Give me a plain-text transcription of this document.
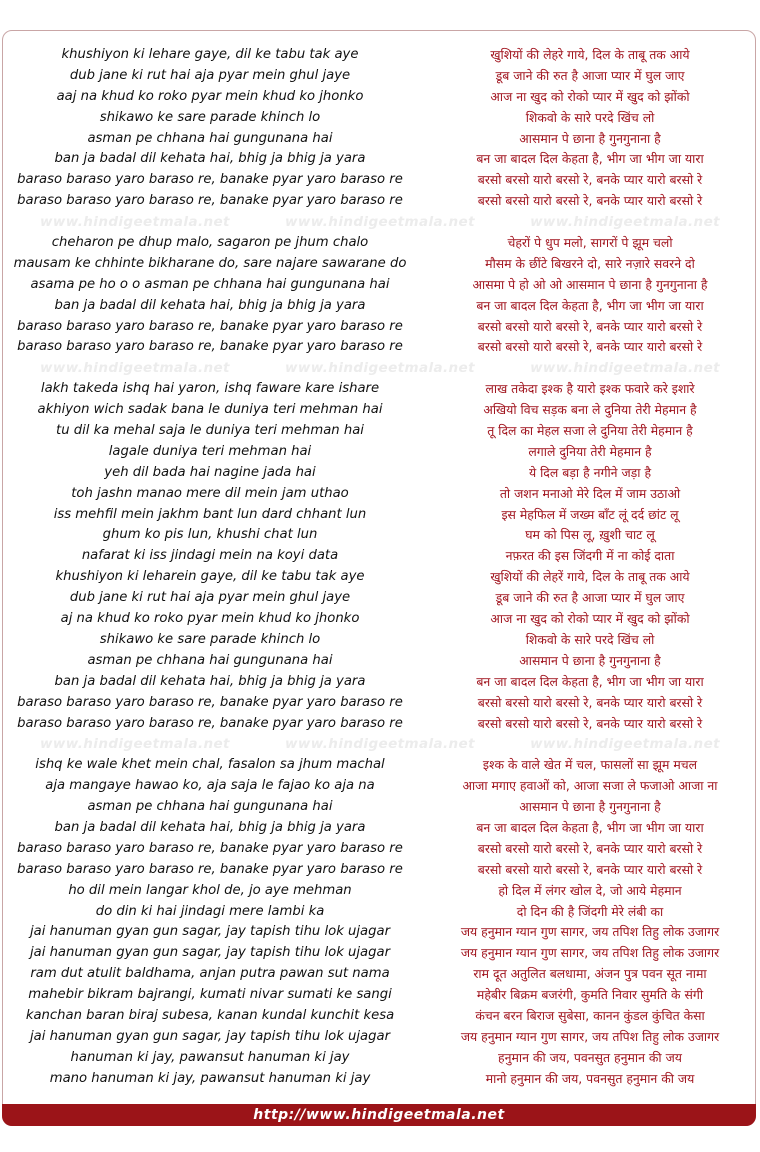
khushiyon ki lehare gaye, dil ke tabu tak aye	खुशियों की लेहरे गाये, दिल के ताबू तक आये
dub jane ki rut hai aja pyar mein ghul jaye	डूब जाने की रुत है आजा प्यार में घुल जाए
aaj na khud ko roko pyar mein khud ko jhonko	आज ना खुद को रोको प्यार में खुद को झोंको
shikawo ke sare parade khinch lo	शिकवो के सारे परदे खिंच लो
asman pe chhana hai gungunana hai	आसमान पे छाना है गुनगुनाना है
ban ja badal dil kehata hai, bhig ja bhig ja yara	बन जा बादल दिल केहता है, भीग जा भीग जा यारा
baraso baraso yaro baraso re, banake pyar yaro baraso re	बरसो बरसो यारो बरसो रे, बनके प्यार यारो बरसो रे
baraso baraso yaro baraso re, banake pyar yaro baraso re	बरसो बरसो यारो बरसो रे, बनके प्यार यारो बरसो रे
www.hindigeetmala.net	www.hindigeetmala.net	www.hindigeetmala.net
cheharon pe dhup malo, sagaron pe jhum chalo	चेहरों पे धुप मलो, सागरों पे झूम चलो
mausam ke chhinte bikharane do, sare najare sawarane do	मौसम के छींटे बिखरने दो, सारे नज़ारे सवरने दो
asama pe ho o o asman pe chhana hai gungunana hai	आसमा पे हो ओ ओ आसमान पे छाना है गुनगुनाना है
ban ja badal dil kehata hai, bhig ja bhig ja yara	बन जा बादल दिल केहता है, भीग जा भीग जा यारा
baraso baraso yaro baraso re, banake pyar yaro baraso re	बरसो बरसो यारो बरसो रे, बनके प्यार यारो बरसो रे
baraso baraso yaro baraso re, banake pyar yaro baraso re	बरसो बरसो यारो बरसो रे, बनके प्यार यारो बरसो रे
www.hindigeetmala.net	www.hindigeetmala.net	www.hindigeetmala.net
lakh takeda ishq hai yaron, ishq faware kare ishare	लाख तकेदा इश्क है यारो इश्क फवारे करे इशारे
akhiyon wich sadak bana le duniya teri mehman hai	अखियो विच सड़क बना ले दुनिया तेरी मेहमान है
tu dil ka mehal saja le duniya teri mehman hai	तू दिल का मेहल सजा ले दुनिया तेरी मेहमान है
lagale duniya teri mehman hai	लगाले दुनिया तेरी मेहमान है
yeh dil bada hai nagine jada hai	ये दिल बड़ा है नगीने जड़ा है
toh jashn manao mere dil mein jam uthao	तो जशन मनाओ मेरे दिल में जाम उठाओ
iss mehfil mein jakhm bant lun dard chhant lun	इस मेहफिल में जख्म बाँट लूं दर्द छांट लू
ghum ko pis lun, khushi chat lun	घम को पिस लू, ख़ुशी चाट लू
nafarat ki iss jindagi mein na koyi data	नफ़रत की इस जिंदगी में ना कोई दाता
khushiyon ki leharein gaye, dil ke tabu tak aye	खुशियों की लेहरें गाये, दिल के ताबू तक आये
dub jane ki rut hai aja pyar mein ghul jaye	डूब जाने की रुत है आजा प्यार में घुल जाए
aj na khud ko roko pyar mein khud ko jhonko	आज ना खुद को रोको प्यार में खुद को झोंको
shikawo ke sare parade khinch lo	शिकवो के सारे परदे खिंच लो
asman pe chhana hai gungunana hai	आसमान पे छाना है गुनगुनाना है
ban ja badal dil kehata hai, bhig ja bhig ja yara	बन जा बादल दिल केहता है, भीग जा भीग जा यारा
baraso baraso yaro baraso re, banake pyar yaro baraso re	बरसो बरसो यारो बरसो रे, बनके प्यार यारो बरसो रे
baraso baraso yaro baraso re, banake pyar yaro baraso re	बरसो बरसो यारो बरसो रे, बनके प्यार यारो बरसो रे
www.hindigeetmala.net	www.hindigeetmala.net	www.hindigeetmala.net
ishq ke wale khet mein chal, fasalon sa jhum machal	इश्क के वाले खेत में चल, फासलों सा झूम मचल
aja mangaye hawao ko, aja saja le fajao ko aja na	आजा मगाए हवाओं को, आजा सजा ले फजाओ आजा ना
asman pe chhana hai gungunana hai	आसमान पे छाना है गुनगुनाना है
ban ja badal dil kehata hai, bhig ja bhig ja yara	बन जा बादल दिल केहता है, भीग जा भीग जा यारा
baraso baraso yaro baraso re, banake pyar yaro baraso re	बरसो बरसो यारो बरसो रे, बनके प्यार यारो बरसो रे
baraso baraso yaro baraso re, banake pyar yaro baraso re	बरसो बरसो यारो बरसो रे, बनके प्यार यारो बरसो रे
ho dil mein langar khol de, jo aye mehman	हो दिल में लंगर खोल दे, जो आये मेहमान
do din ki hai jindagi mere lambi ka	दो दिन की है जिंदगी मेरे लंबी का
jai hanuman gyan gun sagar, jay tapish tihu lok ujagar	जय हनुमान ग्यान गुण सागर, जय तपिश तिहु लोक उजागर
jai hanuman gyan gun sagar, jay tapish tihu lok ujagar	जय हनुमान ग्यान गुण सागर, जय तपिश तिहु लोक उजागर
ram dut atulit baldhama, anjan putra pawan sut nama	राम दूत अतुलित बलधामा, अंजन पुत्र पवन सूत नामा
mahebir bikram bajrangi, kumati nivar sumati ke sangi	महेबीर बिक्रम बजरंगी, कुमति निवार सुमति के संगी
kanchan baran biraj subesa, kanan kundal kunchit kesa	कंचन बरन बिराज सुबेसा, कानन कुंडल कुंचित केसा
jai hanuman gyan gun sagar, jay tapish tihu lok ujagar	जय हनुमान ग्यान गुण सागर, जय तपिश तिहु लोक उजागर
hanuman ki jay, pawansut hanuman ki jay	हनुमान की जय, पवनसुत हनुमान की जय
mano hanuman ki jay, pawansut hanuman ki jay	मानो हनुमान की जय, पवनसुत हनुमान की जय
http://www.hindigeetmala.net
